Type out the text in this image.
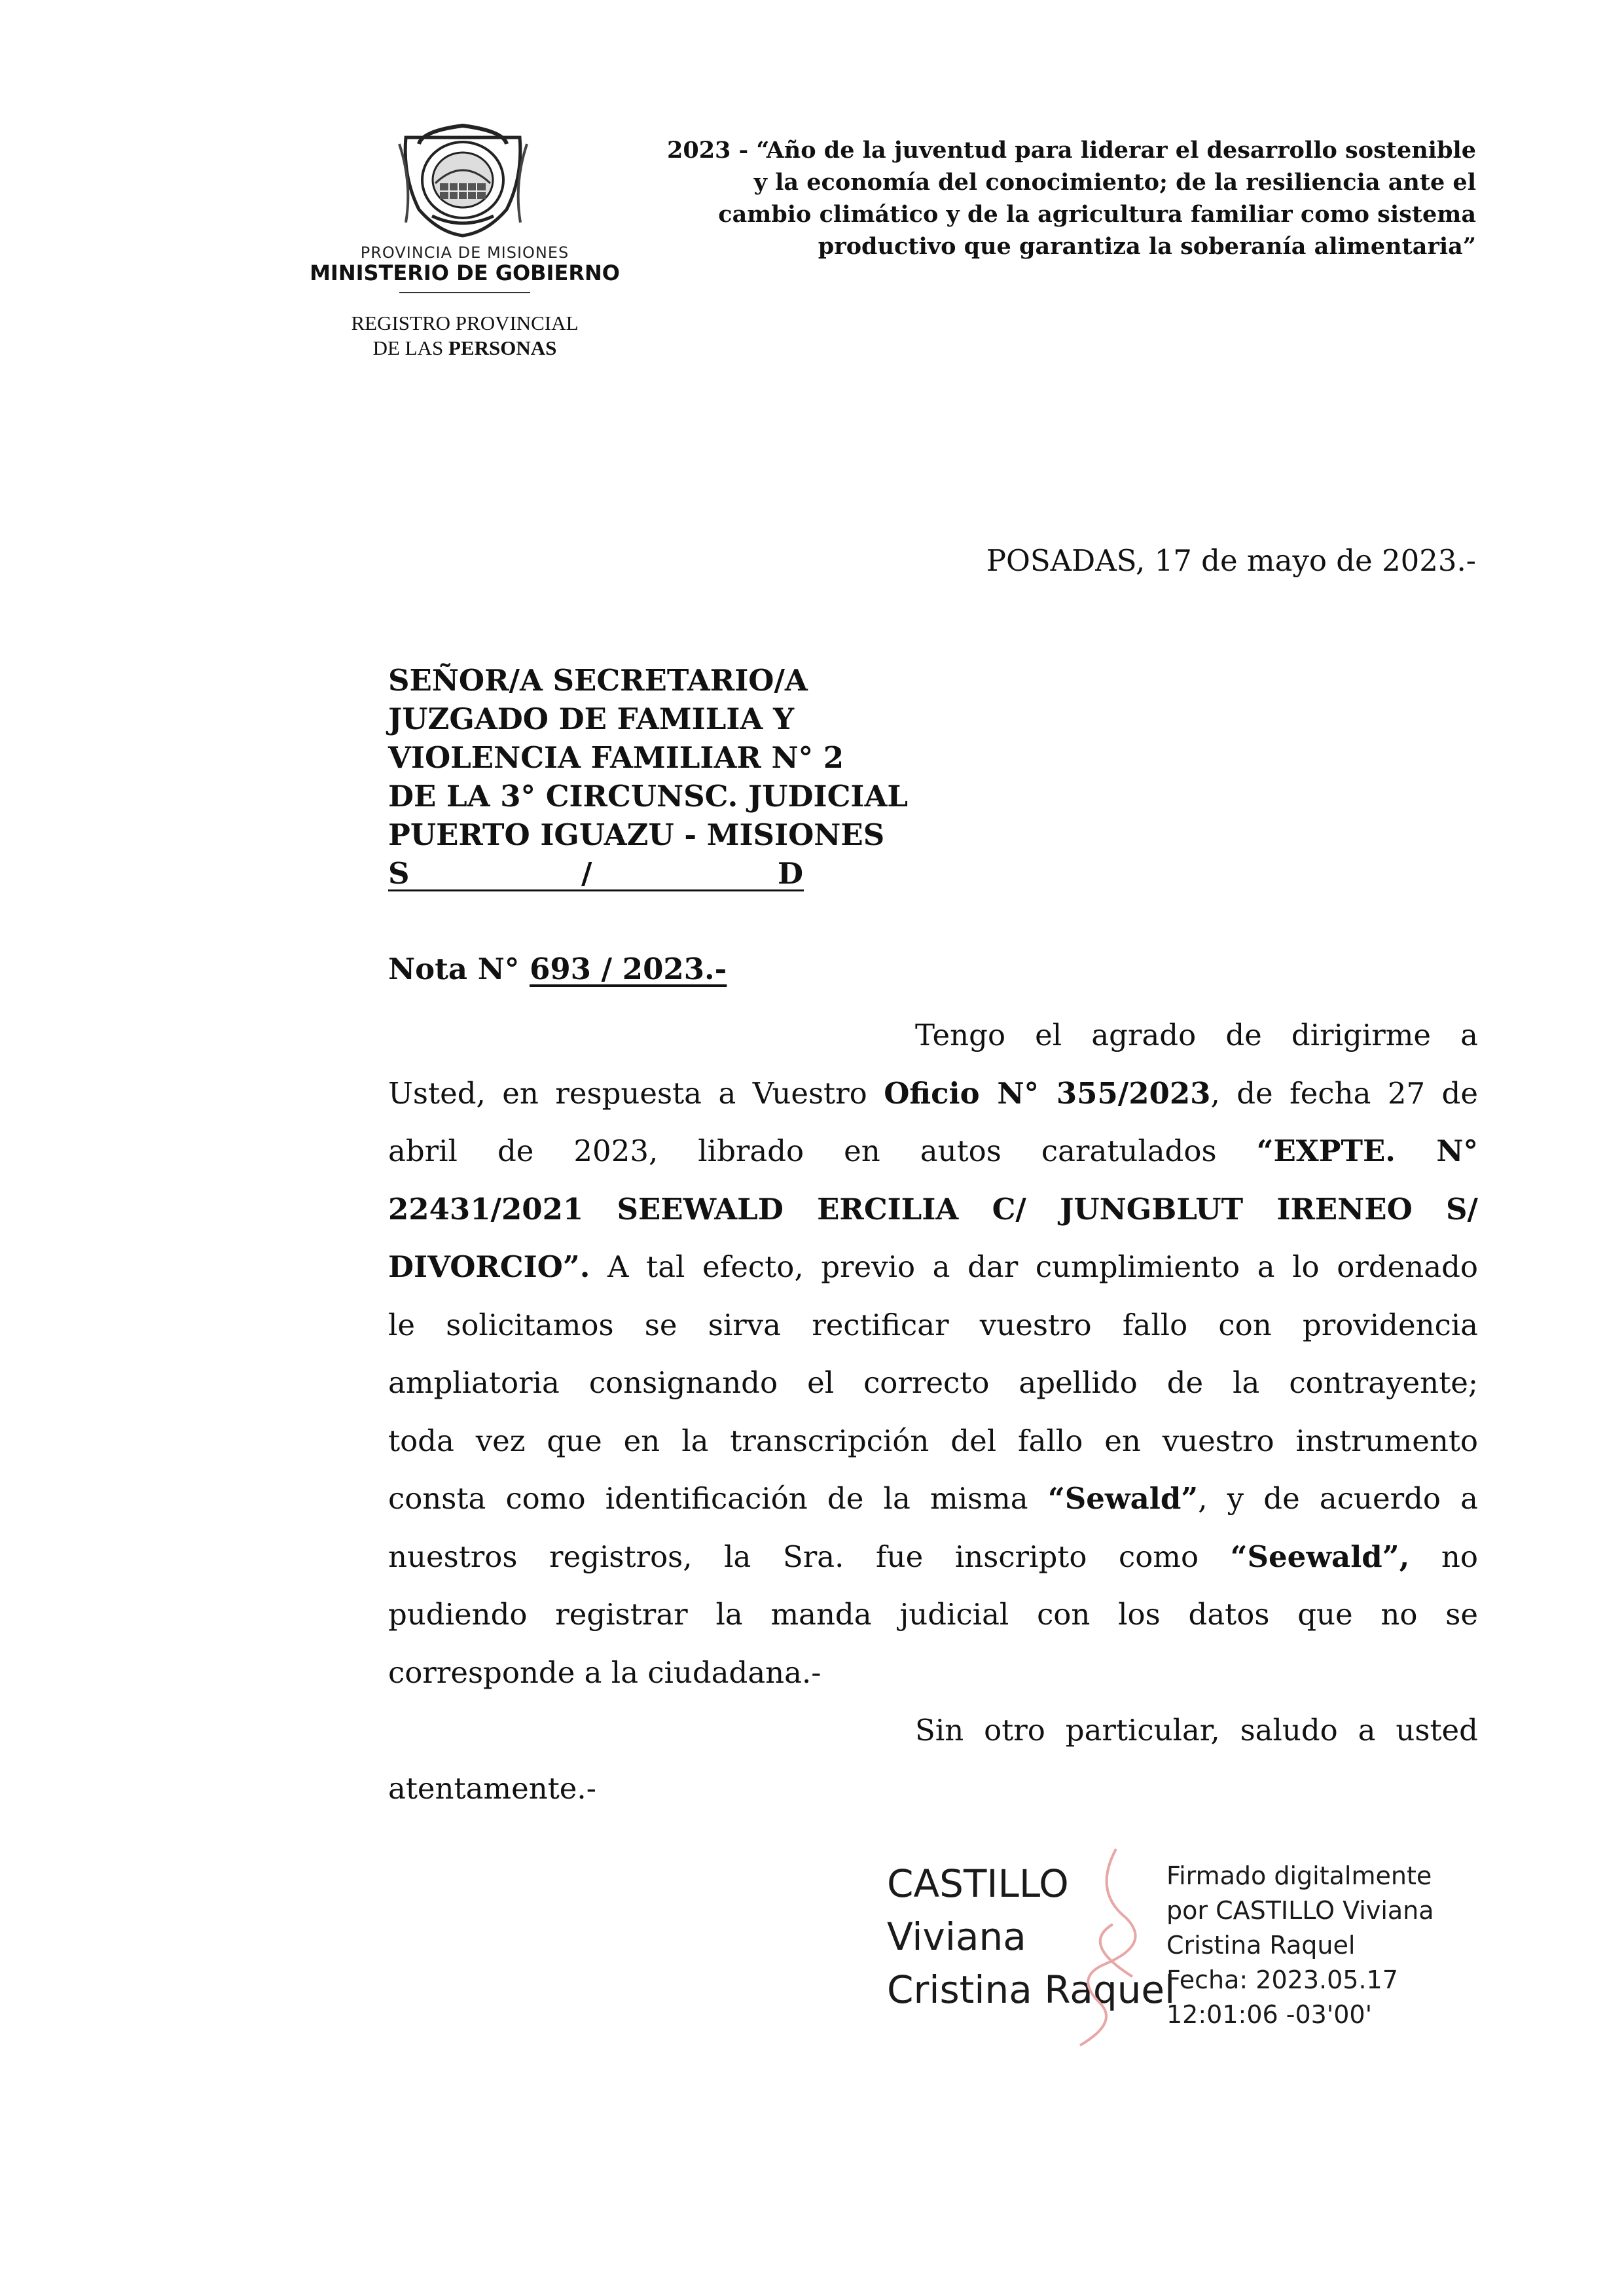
PROVINCIA DE MISIONES
MINISTERIO DE GOBIERNO
REGISTRO PROVINCIAL
DE LAS PERSONAS
2023 - “Año de la juventud para liderar el desarrollo sostenible
y la economía del conocimiento; de la resiliencia ante el
cambio climático y de la agricultura familiar como sistema
productivo que garantiza la soberanía alimentaria”
POSADAS, 17 de mayo de 2023.-
SEÑOR/A SECRETARIO/A
JUZGADO DE FAMILIA Y
VIOLENCIA FAMILIAR N° 2
DE LA 3° CIRCUNSC. JUDICIAL
PUERTO IGUAZU - MISIONES
S	/	D
Nota N° 693 / 2023.-
Tengo el agrado de dirigirme a
Usted, en respuesta a Vuestro Oficio N° 355/2023, de fecha 27 de
abril de 2023, librado en autos caratulados “EXPTE. N°
22431/2021 SEEWALD ERCILIA C/ JUNGBLUT IRENEO S/
DIVORCIO”. A tal efecto, previo a dar cumplimiento a lo ordenado
le solicitamos se sirva rectificar vuestro fallo con providencia
ampliatoria consignando el correcto apellido de la contrayente;
toda vez que en la transcripción del fallo en vuestro instrumento
consta como identificación de la misma “Sewald”, y de acuerdo a
nuestros registros, la Sra. fue inscripto como “Seewald”, no
pudiendo registrar la manda judicial con los datos que no se
corresponde a la ciudadana.-
Sin otro particular, saludo a usted
atentamente.-
CASTILLO
Viviana
Cristina Raquel
Firmado digitalmente
por CASTILLO Viviana
Cristina Raquel
Fecha: 2023.05.17
12:01:06 -03'00'
